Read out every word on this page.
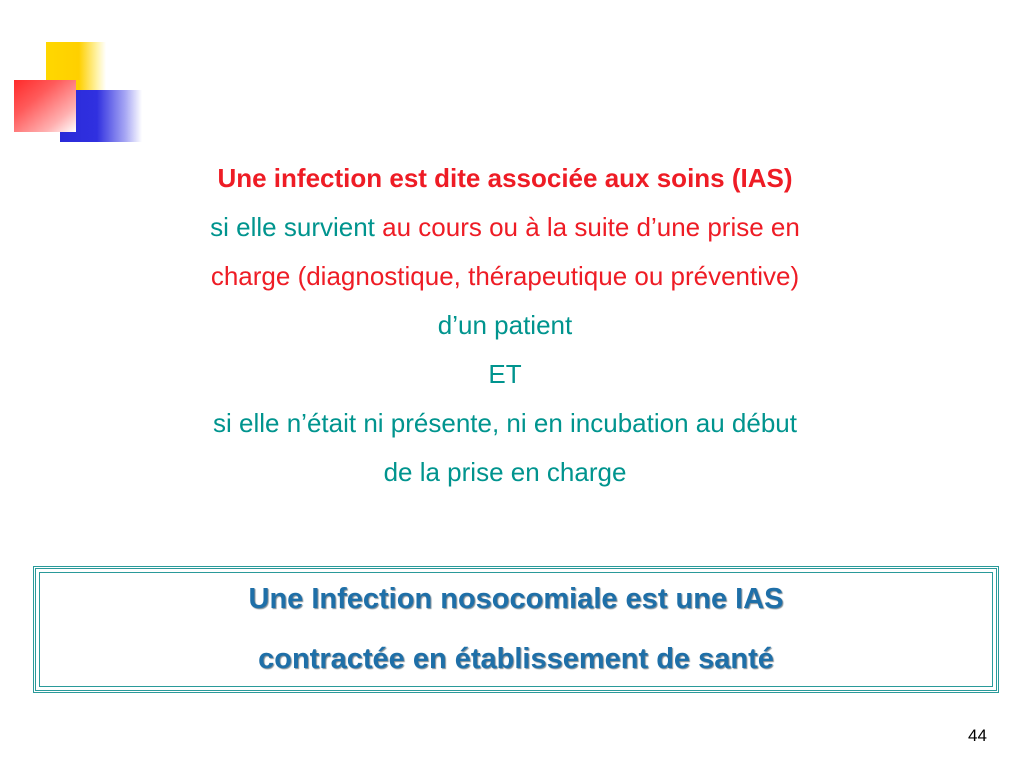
Une infection est dite associée aux soins (IAS)
si elle survient au cours ou à la suite d’une prise en
charge (diagnostique, thérapeutique ou préventive)
d’un patient
ET
si elle n’était ni présente, ni en incubation au début
de la prise en charge
Une Infection nosocomiale est une IAS
contractée en établissement de santé
44
